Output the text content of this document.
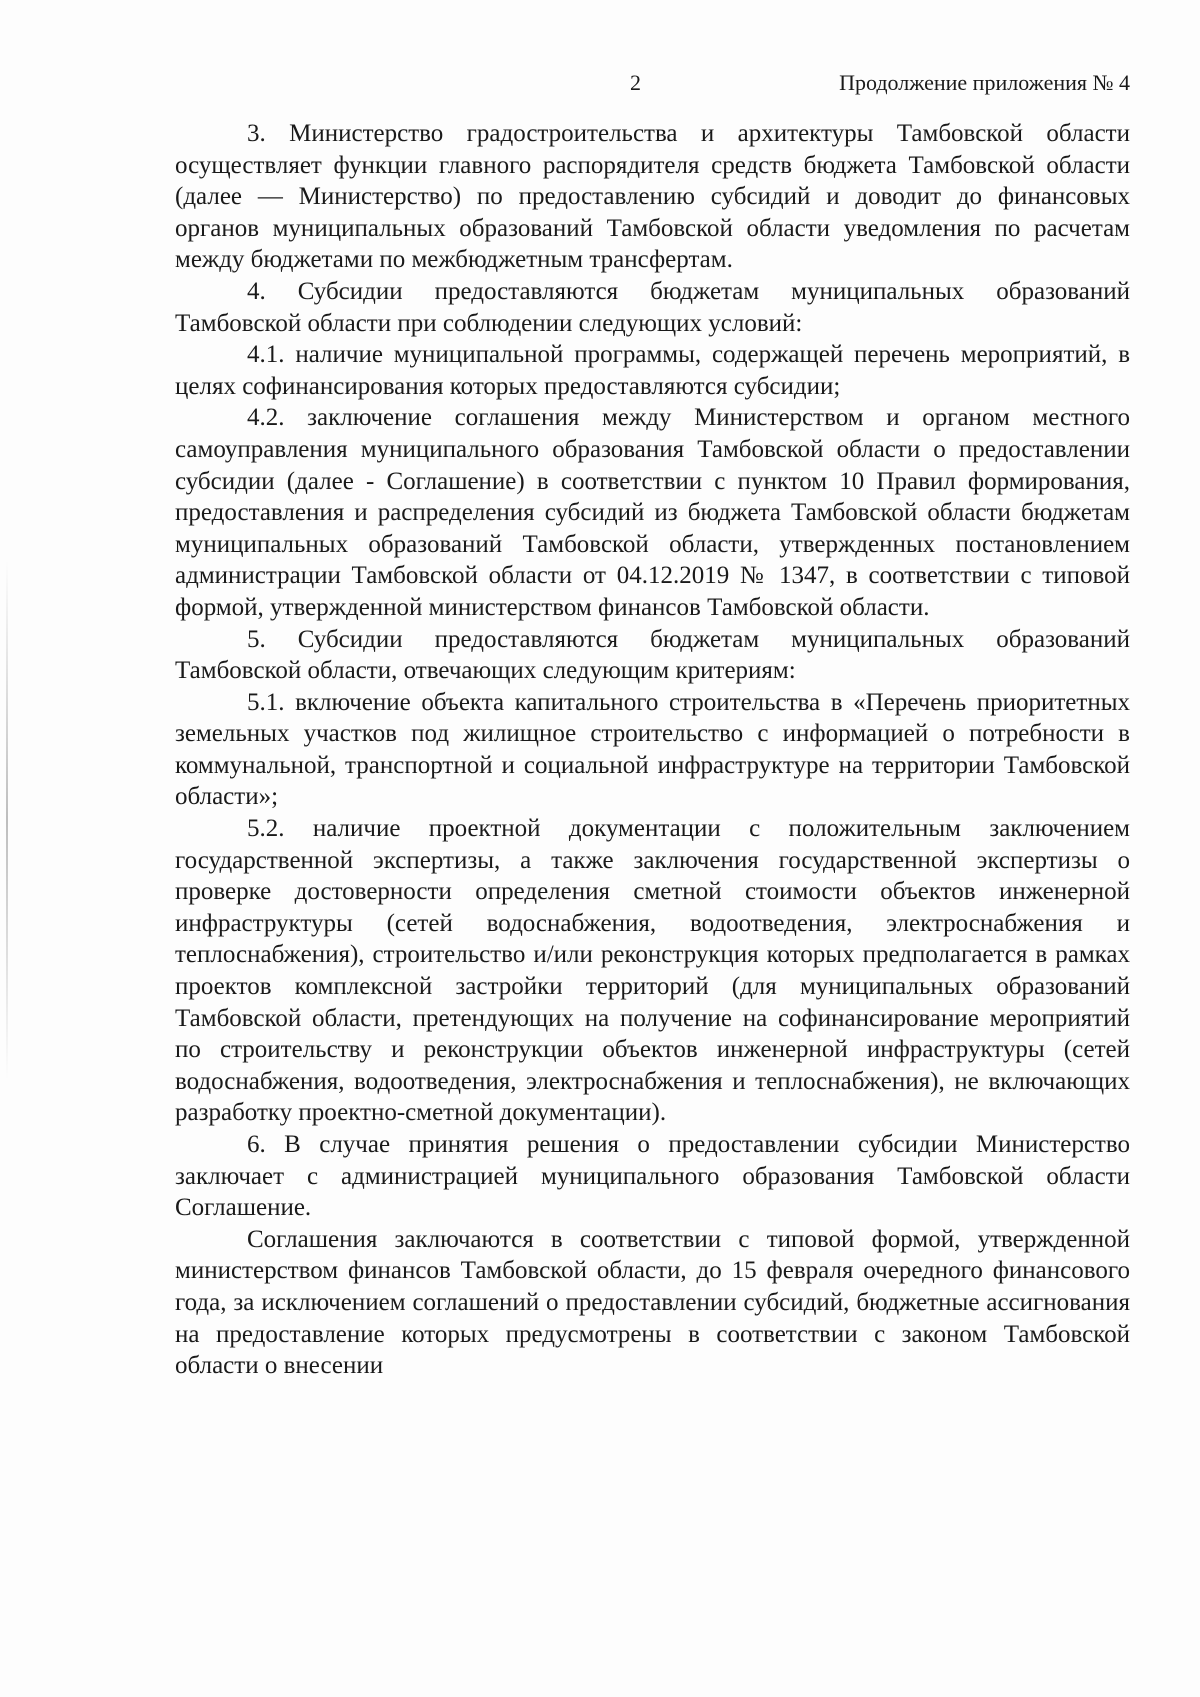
2	Продолжение приложения № 4

3. Министерство градостроительства и архитектуры Тамбовской области осуществляет функции главного распорядителя средств бюджета Тамбовской области (далее — Министерство) по предоставлению субсидий и доводит до финансовых органов муниципальных образований Тамбовской области уведомления по расчетам между бюджетами по межбюджетным трансфертам.

4. Субсидии предоставляются бюджетам муниципальных образований Тамбовской области при соблюдении следующих условий:

4.1. наличие муниципальной программы, содержащей перечень мероприятий, в целях софинансирования которых предоставляются субсидии;

4.2. заключение соглашения между Министерством и органом местного самоуправления муниципального образования Тамбовской области о предоставлении субсидии (далее - Соглашение) в соответствии с пунктом 10 Правил формирования, предоставления и распределения субсидий из бюджета Тамбовской области бюджетам муниципальных образований Тамбовской области, утвержденных постановлением администрации Тамбовской области от 04.12.2019 № 1347, в соответствии с типовой формой, утвержденной министерством финансов Тамбовской области.

5. Субсидии предоставляются бюджетам муниципальных образований Тамбовской области, отвечающих следующим критериям:

5.1. включение объекта капитального строительства в «Перечень приоритетных земельных участков под жилищное строительство с информацией о потребности в коммунальной, транспортной и социальной инфраструктуре на территории Тамбовской области»;

5.2. наличие проектной документации с положительным заключением государственной экспертизы, а также заключения государственной экспертизы о проверке достоверности определения сметной стоимости объектов инженерной инфраструктуры (сетей водоснабжения, водоотведения, электроснабжения и теплоснабжения), строительство и/или реконструкция которых предполагается в рамках проектов комплексной застройки территорий (для муниципальных образований Тамбовской области, претендующих на получение на софинансирование мероприятий по строительству и реконструкции объектов инженерной инфраструктуры (сетей водоснабжения, водоотведения, электроснабжения и теплоснабжения), не включающих разработку проектно-сметной документации).

6. В случае принятия решения о предоставлении субсидии Министерство заключает с администрацией муниципального образования Тамбовской области Соглашение.

Соглашения заключаются в соответствии с типовой формой, утвержденной министерством финансов Тамбовской области, до 15 февраля очередного финансового года, за исключением соглашений о предоставлении субсидий, бюджетные ассигнования на предоставление которых предусмотрены в соответствии с законом Тамбовской области о внесении
